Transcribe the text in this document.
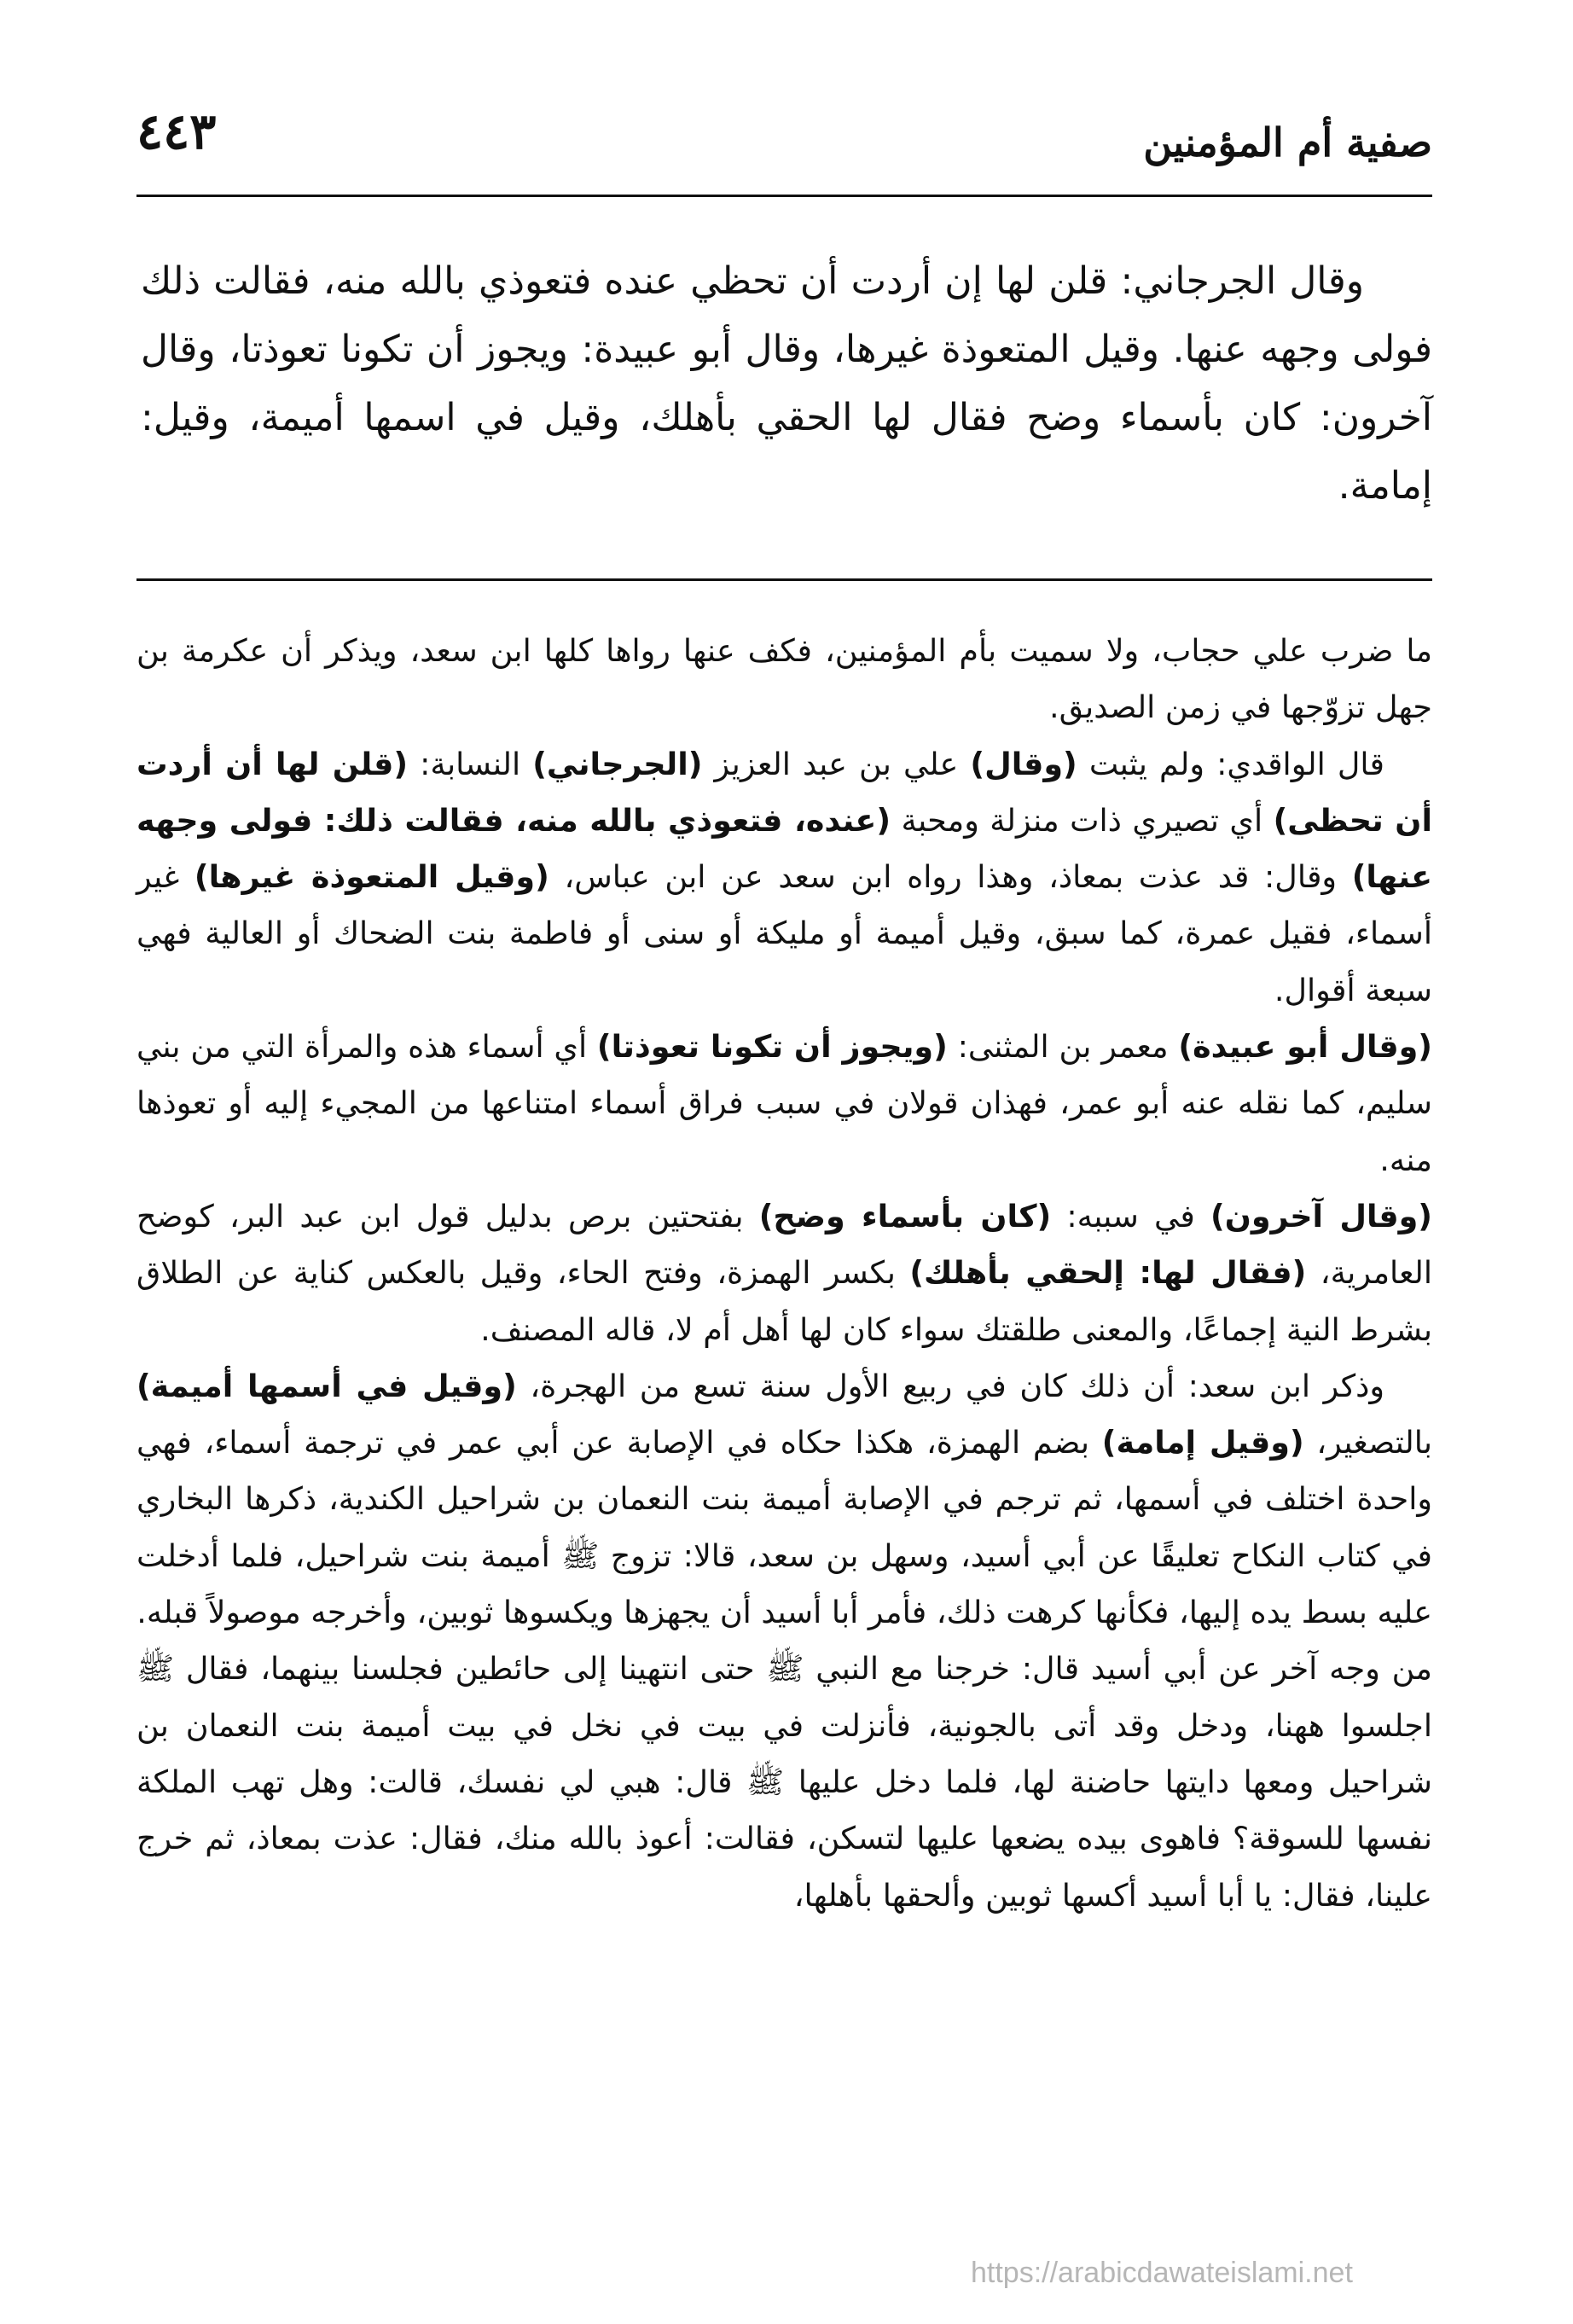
٤٤٣	صفية أم المؤمنين

وقال الجرجاني: قلن لها إن أردت أن تحظي عنده فتعوذي بالله منه، فقالت ذلك فولى وجهه عنها. وقيل المتعوذة غيرها، وقال أبو عبيدة: ويجوز أن تكونا تعوذتا، وقال آخرون: كان بأسماء وضح فقال لها الحقي بأهلك، وقيل في اسمها أميمة، وقيل: إمامة.

ما ضرب علي حجاب، ولا سميت بأم المؤمنين، فكف عنها رواها كلها ابن سعد، ويذكر أن عكرمة بن جهل تزوّجها في زمن الصديق.

قال الواقدي: ولم يثبت (وقال) علي بن عبد العزيز (الجرجاني) النسابة: (قلن لها أن أردت أن تحظى) أي تصيري ذات منزلة ومحبة (عنده، فتعوذي بالله منه، فقالت ذلك: فولى وجهه عنها) وقال: قد عذت بمعاذ، وهذا رواه ابن سعد عن ابن عباس، (وقيل المتعوذة غيرها) غير أسماء، فقيل عمرة، كما سبق، وقيل أميمة أو مليكة أو سنى أو فاطمة بنت الضحاك أو العالية فهي سبعة أقوال.

(وقال أبو عبيدة) معمر بن المثنى: (ويجوز أن تكونا تعوذتا) أي أسماء هذه والمرأة التي من بني سليم، كما نقله عنه أبو عمر، فهذان قولان في سبب فراق أسماء امتناعها من المجيء إليه أو تعوذها منه.

(وقال آخرون) في سببه: (كان بأسماء وضح) بفتحتين برص بدليل قول ابن عبد البر، كوضح العامرية، (فقال لها: إلحقي بأهلك) بكسر الهمزة، وفتح الحاء، وقيل بالعكس كناية عن الطلاق بشرط النية إجماعًا، والمعنى طلقتك سواء كان لها أهل أم لا، قاله المصنف.

وذكر ابن سعد: أن ذلك كان في ربيع الأول سنة تسع من الهجرة، (وقيل في أسمها أميمة) بالتصغير، (وقيل إمامة) بضم الهمزة، هكذا حكاه في الإصابة عن أبي عمر في ترجمة أسماء، فهي واحدة اختلف في أسمها، ثم ترجم في الإصابة أميمة بنت النعمان بن شراحيل الكندية، ذكرها البخاري في كتاب النكاح تعليقًا عن أبي أسيد، وسهل بن سعد، قالا: تزوج ﷺ أميمة بنت شراحيل، فلما أدخلت عليه بسط يده إليها، فكأنها كرهت ذلك، فأمر أبا أسيد أن يجهزها ويكسوها ثوبين، وأخرجه موصولاً قبله.

من وجه آخر عن أبي أسيد قال: خرجنا مع النبي ﷺ حتى انتهينا إلى حائطين فجلسنا بينهما، فقال ﷺ اجلسوا ههنا، ودخل وقد أتى بالجونية، فأنزلت في بيت في نخل في بيت أميمة بنت النعمان بن شراحيل ومعها دايتها حاضنة لها، فلما دخل عليها ﷺ قال: هبي لي نفسك، قالت: وهل تهب الملكة نفسها للسوقة؟ فاهوى بيده يضعها عليها لتسكن، فقالت: أعوذ بالله منك، فقال: عذت بمعاذ، ثم خرج علينا، فقال: يا أبا أسيد أكسها ثوبين وألحقها بأهلها،

https://arabicdawateislami.net
